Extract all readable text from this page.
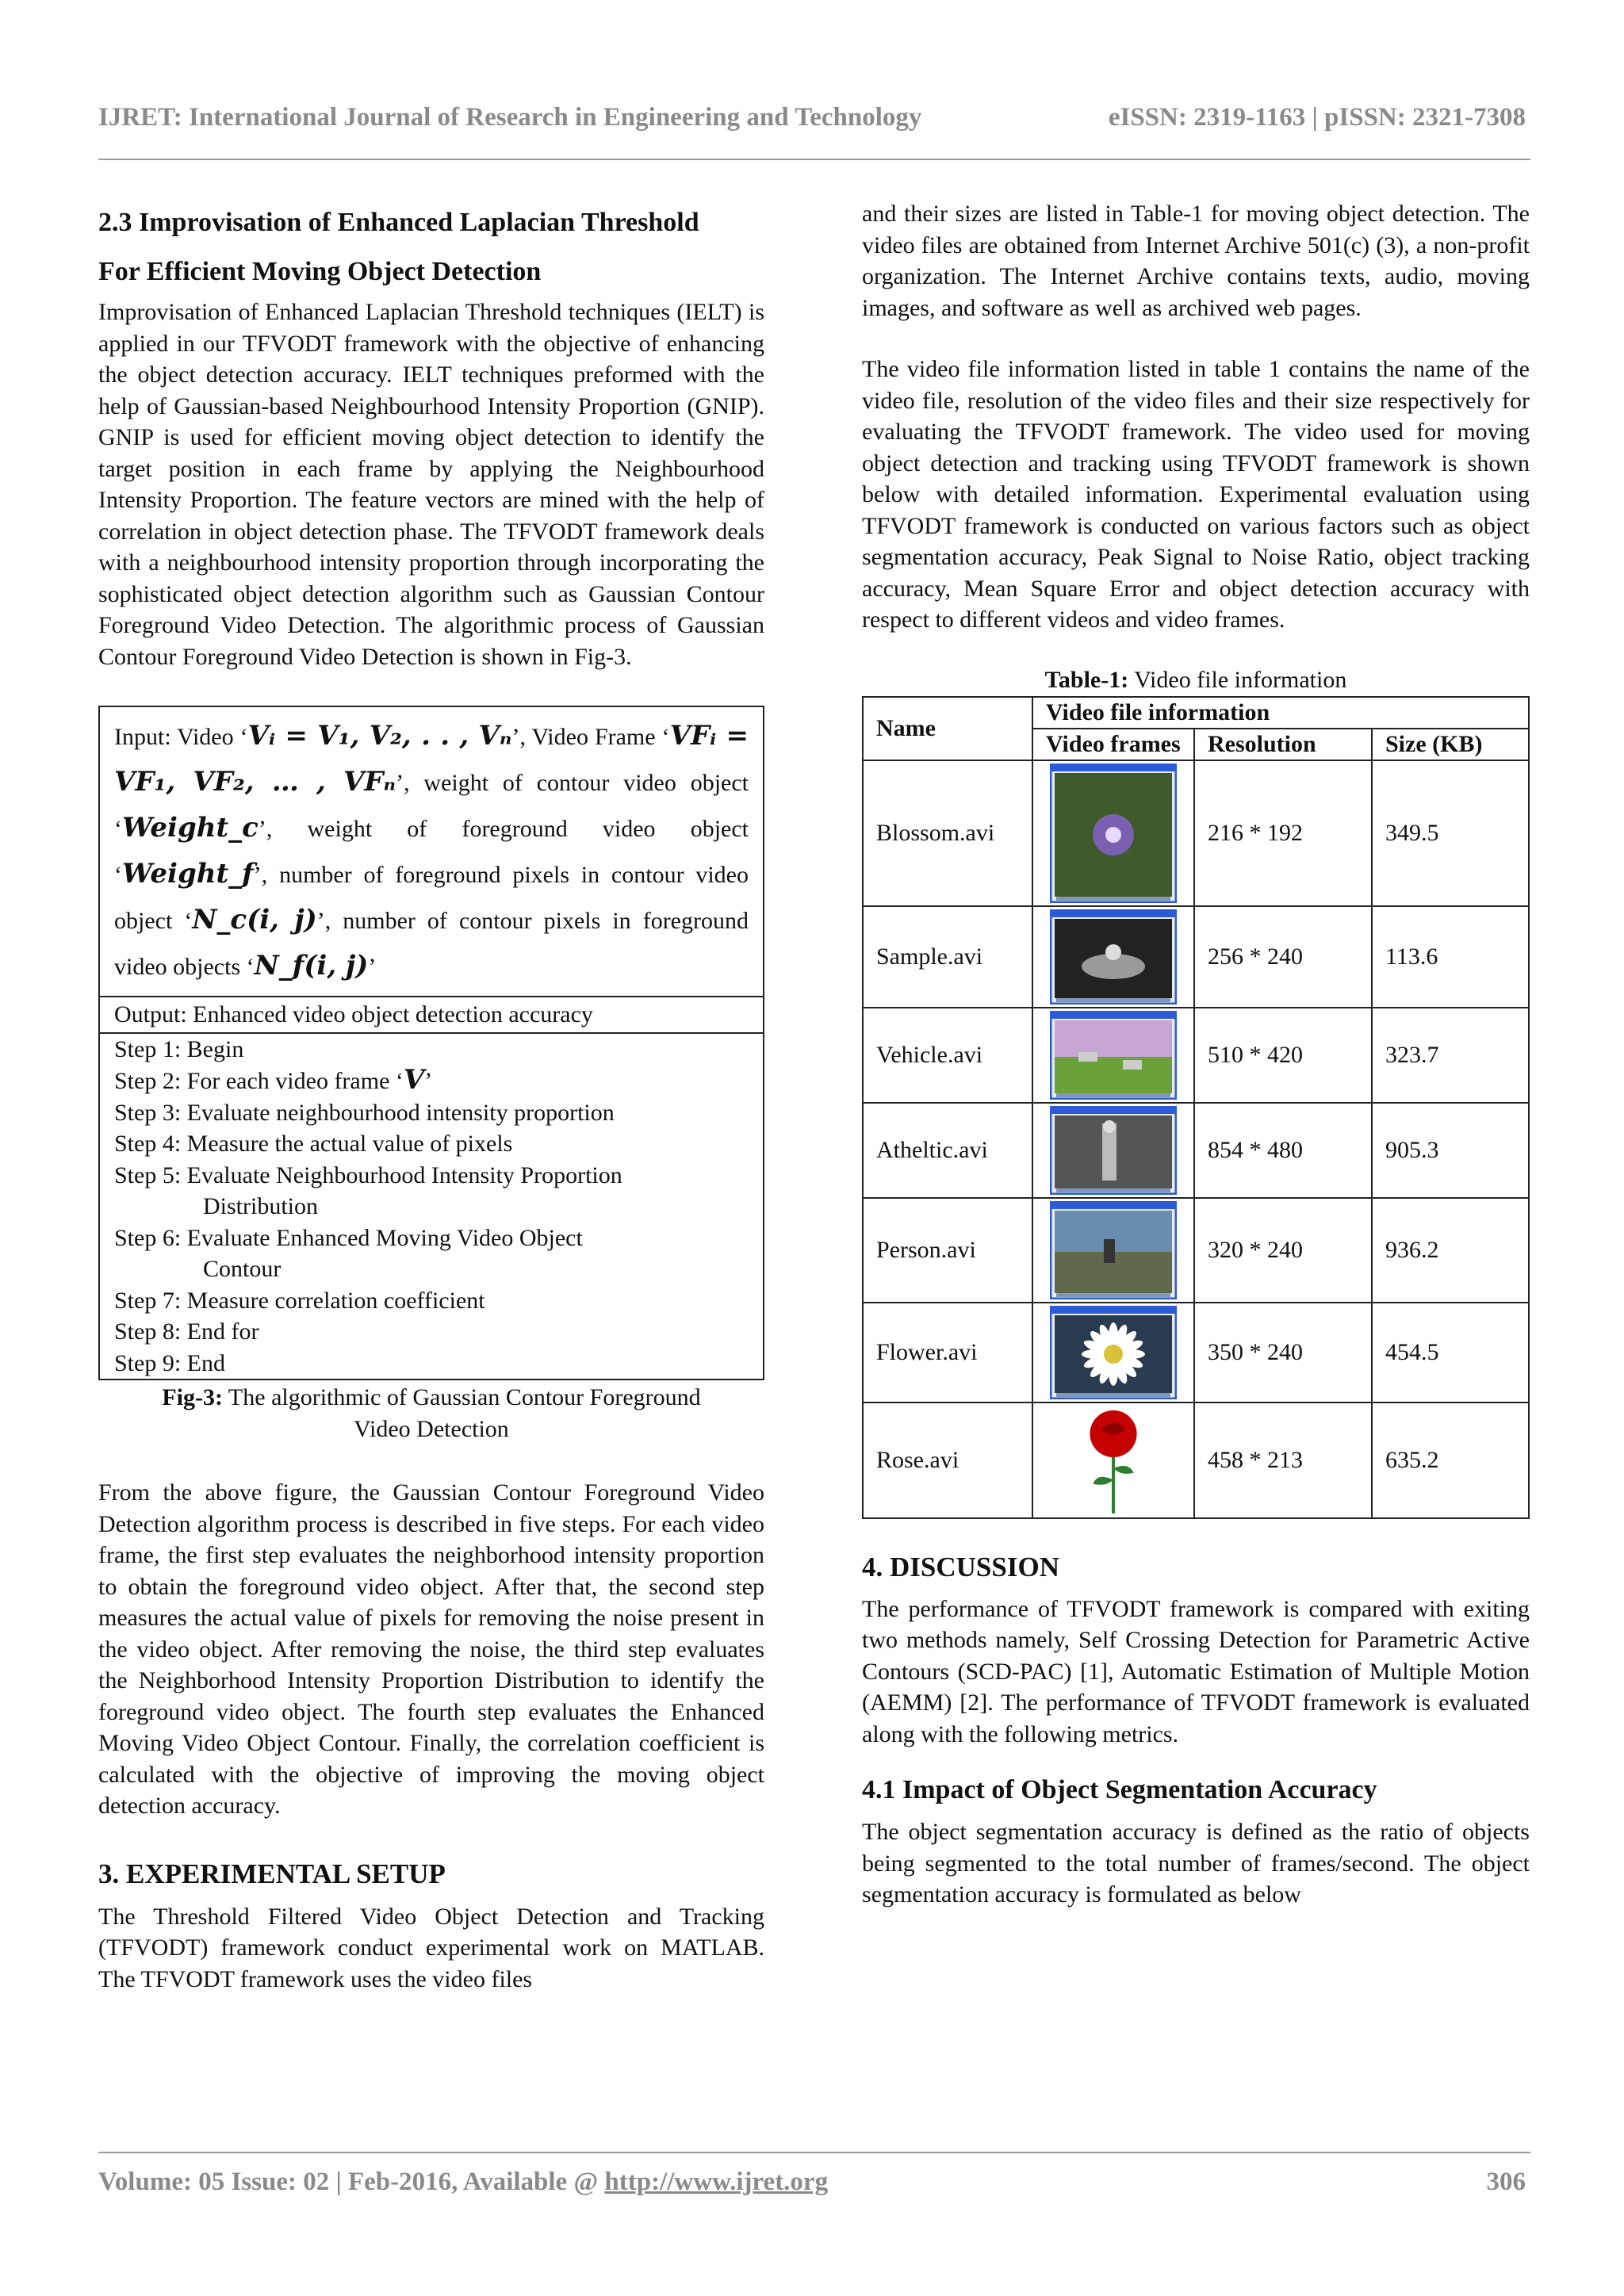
IJRET: International Journal of Research in Engineering and Technology	eISSN: 2319-1163 | pISSN: 2321-7308
2.3 Improvisation of Enhanced Laplacian Threshold
For Efficient Moving Object Detection

Improvisation of Enhanced Laplacian Threshold techniques (IELT) is applied in our TFVODT framework with the objective of enhancing the object detection accuracy. IELT techniques preformed with the help of Gaussian-based Neighbourhood Intensity Proportion (GNIP). GNIP is used for efficient moving object detection to identify the target position in each frame by applying the Neighbourhood Intensity Proportion. The feature vectors are mined with the help of correlation in object detection phase. The TFVODT framework deals with a neighbourhood intensity proportion through incorporating the sophisticated object detection algorithm such as Gaussian Contour Foreground Video Detection. The algorithmic process of Gaussian Contour Foreground Video Detection is shown in Fig-3.

Input: Video ‘Vᵢ = V₁, V₂, . . , Vₙ’, Video Frame ‘VFᵢ = VF₁, VF₂, … , VFₙ’, weight of contour video object ‘Weight_c’, weight of foreground video object ‘Weight_f’, number of foreground pixels in contour video object ‘N_c(i, j)’, number of contour pixels in foreground video objects ‘N_f(i, j)’
Output: Enhanced video object detection accuracy
Step 1: Begin
Step 2: For each video frame ‘V’
Step 3: Evaluate neighbourhood intensity proportion
Step 4: Measure the actual value of pixels
Step 5: Evaluate Neighbourhood Intensity Proportion
Distribution
Step 6: Evaluate Enhanced Moving Video Object
Contour
Step 7: Measure correlation coefficient
Step 8: End for
Step 9: End
Fig-3: The algorithmic of Gaussian Contour Foreground Video Detection

From the above figure, the Gaussian Contour Foreground Video Detection algorithm process is described in five steps. For each video frame, the first step evaluates the neighborhood intensity proportion to obtain the foreground video object. After that, the second step measures the actual value of pixels for removing the noise present in the video object. After removing the noise, the third step evaluates the Neighborhood Intensity Proportion Distribution to identify the foreground video object. The fourth step evaluates the Enhanced Moving Video Object Contour. Finally, the correlation coefficient is calculated with the objective of improving the moving object detection accuracy.

3. EXPERIMENTAL SETUP

The Threshold Filtered Video Object Detection and Tracking (TFVODT) framework conduct experimental work on MATLAB. The TFVODT framework uses the video files

and their sizes are listed in Table-1 for moving object detection. The video files are obtained from Internet Archive 501(c) (3), a non-profit organization. The Internet Archive contains texts, audio, moving images, and software as well as archived web pages.

The video file information listed in table 1 contains the name of the video file, resolution of the video files and their size respectively for evaluating the TFVODT framework. The video used for moving object detection and tracking using TFVODT framework is shown below with detailed information. Experimental evaluation using TFVODT framework is conducted on various factors such as object segmentation accuracy, Peak Signal to Noise Ratio, object tracking accuracy, Mean Square Error and object detection accuracy with respect to different videos and video frames.

Table-1: Video file information
Name	Video file information		
	Video frames	Resolution	Size (KB)
Blossom.avi		216 * 192	349.5
Sample.avi		256 * 240	113.6
Vehicle.avi		510 * 420	323.7
Atheltic.avi		854 * 480	905.3
Person.avi		320 * 240	936.2
Flower.avi		350 * 240	454.5
Rose.avi		458 * 213	635.2
4. DISCUSSION

The performance of TFVODT framework is compared with exiting two methods namely, Self Crossing Detection for Parametric Active Contours (SCD-PAC) [1], Automatic Estimation of Multiple Motion (AEMM) [2]. The performance of TFVODT framework is evaluated along with the following metrics.

4.1 Impact of Object Segmentation Accuracy

The object segmentation accuracy is defined as the ratio of objects being segmented to the total number of frames/second. The object segmentation accuracy is formulated as below

Volume: 05 Issue: 02 | Feb-2016, Available @ http://www.ijret.org	306
